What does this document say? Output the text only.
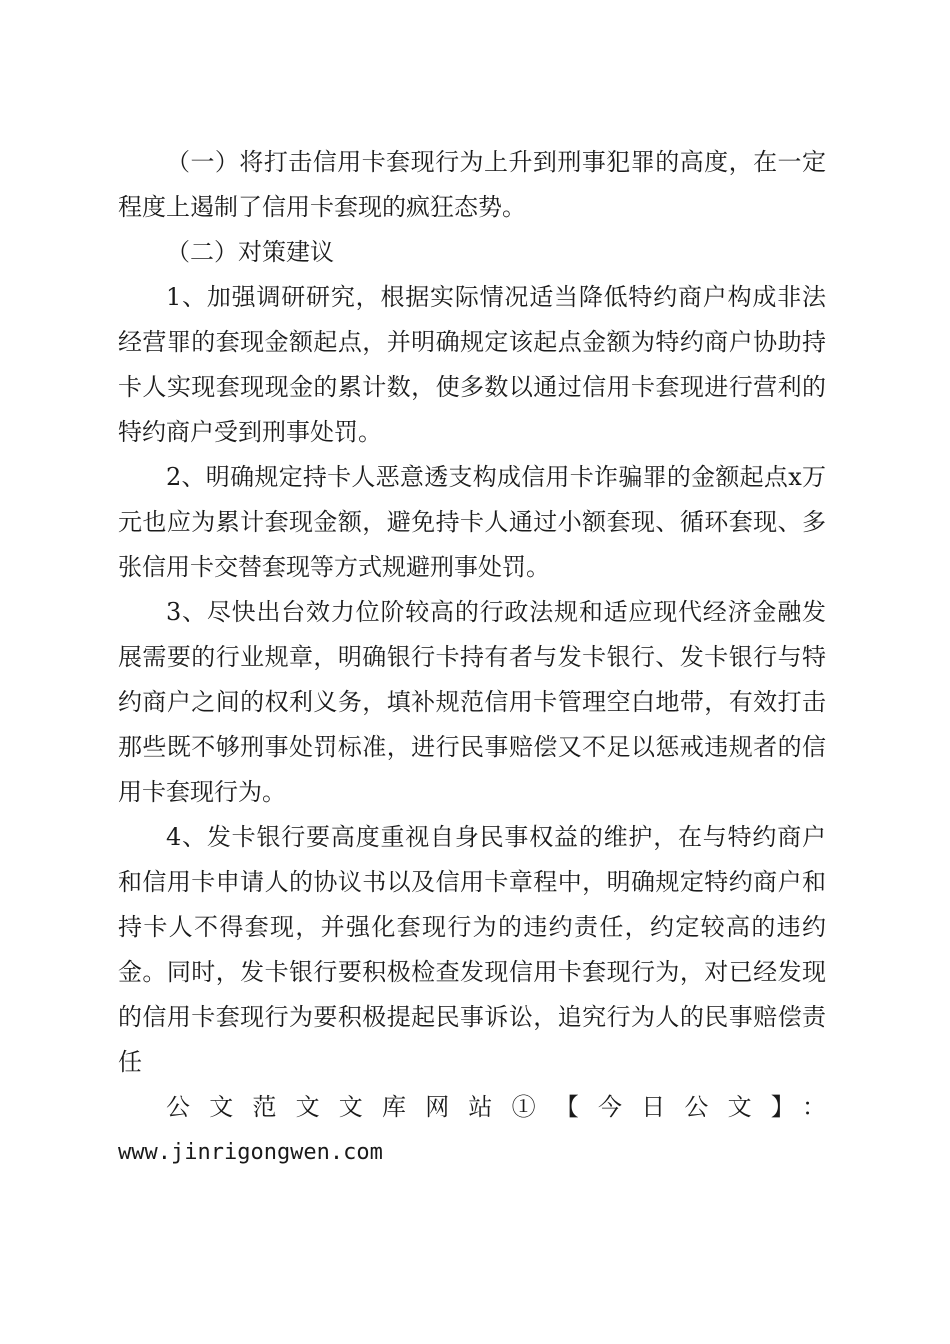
（一）将打击信用卡套现行为上升到刑事犯罪的高度，在一定程度上遏制了信用卡套现的疯狂态势。

（二）对策建议

1、加强调研研究，根据实际情况适当降低特约商户构成非法经营罪的套现金额起点，并明确规定该起点金额为特约商户协助持卡人实现套现现金的累计数，使多数以通过信用卡套现进行营利的特约商户受到刑事处罚。

2、明确规定持卡人恶意透支构成信用卡诈骗罪的金额起点x万元也应为累计套现金额，避免持卡人通过小额套现、循环套现、多张信用卡交替套现等方式规避刑事处罚。

3、尽快出台效力位阶较高的行政法规和适应现代经济金融发展需要的行业规章，明确银行卡持有者与发卡银行、发卡银行与特约商户之间的权利义务，填补规范信用卡管理空白地带，有效打击那些既不够刑事处罚标准，进行民事赔偿又不足以惩戒违规者的信用卡套现行为。

4、发卡银行要高度重视自身民事权益的维护，在与特约商户和信用卡申请人的协议书以及信用卡章程中，明确规定特约商户和持卡人不得套现，并强化套现行为的违约责任，约定较高的违约金。同时，发卡银行要积极检查发现信用卡套现行为，对已经发现的信用卡套现行为要积极提起民事诉讼，追究行为人的民事赔偿责任

公文范文文库网站①【今日公文】：

www.jinrigongwen.com
